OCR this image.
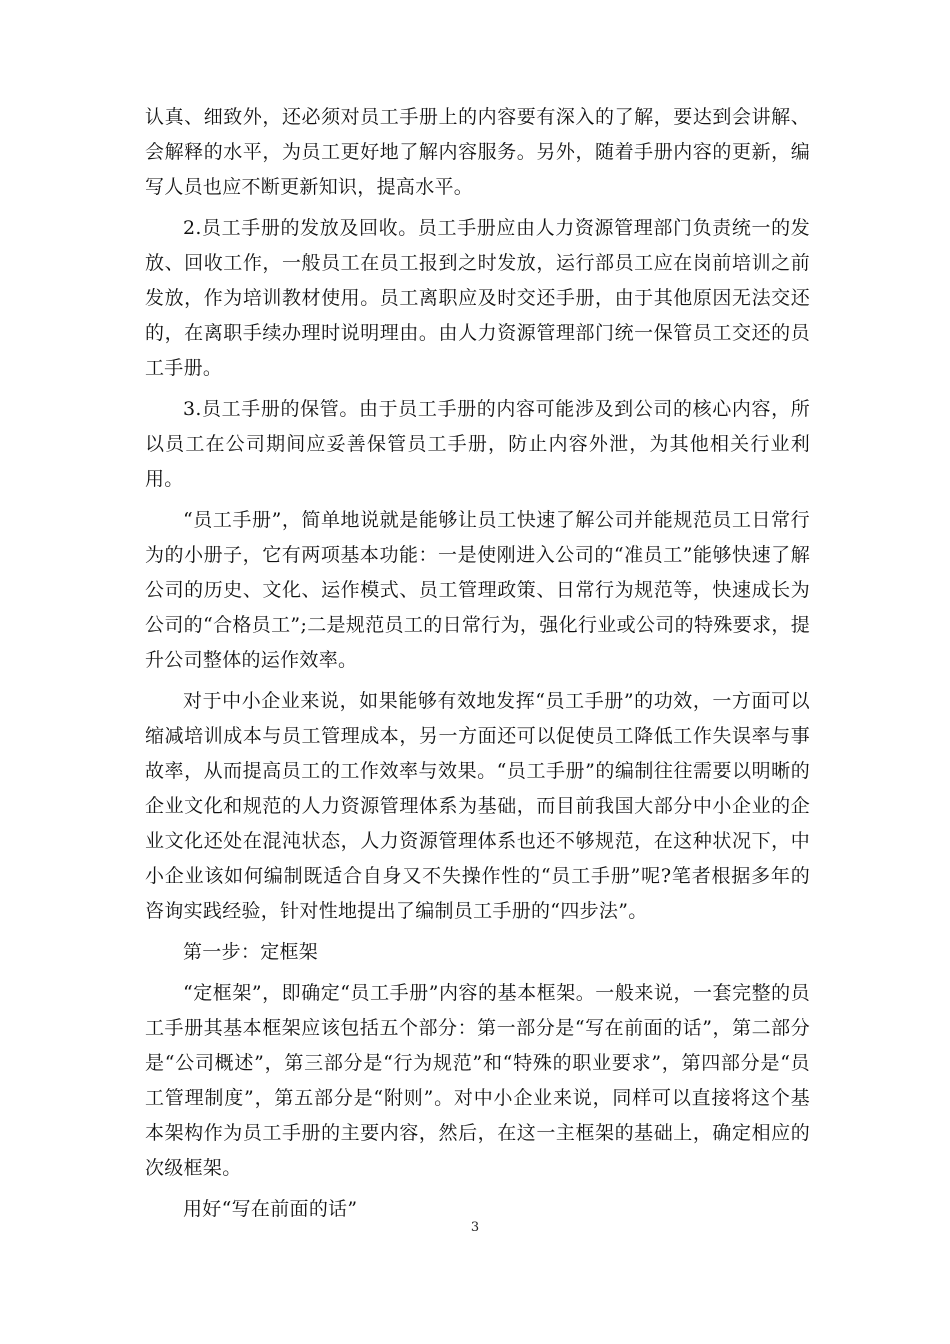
认真、细致外，还必须对员工手册上的内容要有深入的了解，要达到会讲解、会解释的水平，为员工更好地了解内容服务。另外，随着手册内容的更新，编写人员也应不断更新知识，提高水平。

2.员工手册的发放及回收。员工手册应由人力资源管理部门负责统一的发放、回收工作，一般员工在员工报到之时发放，运行部员工应在岗前培训之前发放，作为培训教材使用。员工离职应及时交还手册，由于其他原因无法交还的，在离职手续办理时说明理由。由人力资源管理部门统一保管员工交还的员工手册。

3.员工手册的保管。由于员工手册的内容可能涉及到公司的核心内容，所以员工在公司期间应妥善保管员工手册，防止内容外泄，为其他相关行业利用。

“员工手册”，简单地说就是能够让员工快速了解公司并能规范员工日常行为的小册子，它有两项基本功能：一是使刚进入公司的“准员工”能够快速了解公司的历史、文化、运作模式、员工管理政策、日常行为规范等，快速成长为公司的“合格员工”;二是规范员工的日常行为，强化行业或公司的特殊要求，提升公司整体的运作效率。

对于中小企业来说，如果能够有效地发挥“员工手册”的功效，一方面可以缩减培训成本与员工管理成本，另一方面还可以促使员工降低工作失误率与事故率，从而提高员工的工作效率与效果。“员工手册”的编制往往需要以明晰的企业文化和规范的人力资源管理体系为基础，而目前我国大部分中小企业的企业文化还处在混沌状态，人力资源管理体系也还不够规范，在这种状况下，中小企业该如何编制既适合自身又不失操作性的“员工手册”呢?笔者根据多年的咨询实践经验，针对性地提出了编制员工手册的“四步法”。

第一步：定框架

“定框架”，即确定“员工手册”内容的基本框架。一般来说，一套完整的员工手册其基本框架应该包括五个部分：第一部分是“写在前面的话”，第二部分是“公司概述”，第三部分是“行为规范”和“特殊的职业要求”，第四部分是“员工管理制度”，第五部分是“附则”。对中小企业来说，同样可以直接将这个基本架构作为员工手册的主要内容，然后，在这一主框架的基础上，确定相应的次级框架。

用好“写在前面的话”

3
